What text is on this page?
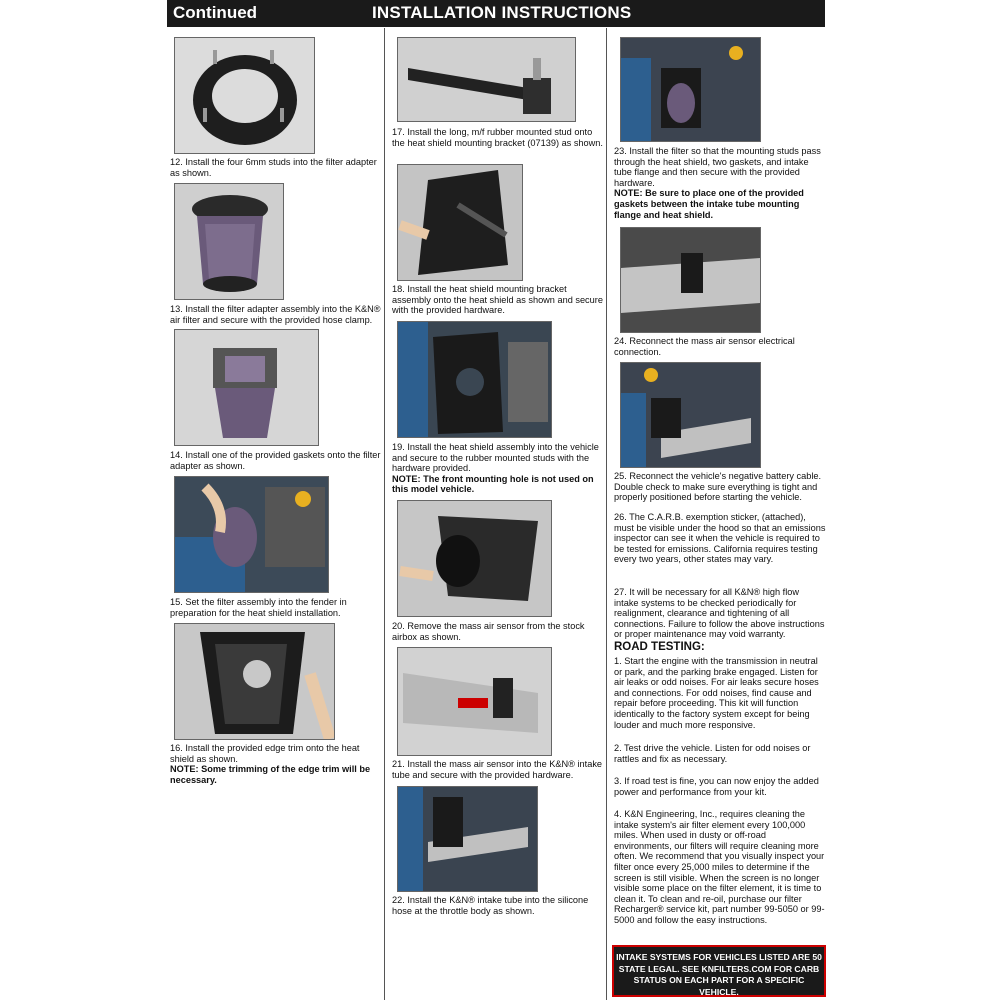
Continued	INSTALLATION INSTRUCTIONS
12. Install the four 6mm studs into the filter adapter as shown.
13. Install the filter adapter assembly into the K&N® air filter and secure with the provided hose clamp.
14. Install one of the provided gaskets onto the filter adapter as shown.
15. Set the filter assembly into the fender in preparation for the heat shield installation.
16. Install the provided edge trim onto the heat shield as shown.
NOTE: Some trimming of the edge trim will be necessary.
17. Install the long, m/f rubber mounted stud onto the heat shield mounting bracket (07139) as shown.
18. Install the heat shield mounting bracket assembly onto the heat shield as shown and secure with the provided hardware.
19. Install the heat shield assembly into the vehicle and secure to the rubber mounted studs with the hardware provided.
NOTE: The front mounting hole is not used on this model vehicle.
20. Remove the mass air sensor from the stock airbox as shown.
21. Install the mass air sensor into the K&N® intake tube and secure with the provided hardware.
22. Install the K&N® intake tube into the silicone hose at the throttle body as shown.
23. Install the filter so that the mounting studs pass through the heat shield, two gaskets, and intake tube flange and then secure with the provided hardware.
NOTE: Be sure to place one of the provided gaskets between the intake tube mounting flange and heat shield.
24. Reconnect the mass air sensor electrical connection.
25. Reconnect the vehicle's negative battery cable. Double check to make sure everything is tight and properly positioned before starting the vehicle.
26. The C.A.R.B. exemption sticker, (attached), must be visible under the hood so that an emissions inspector can see it when the vehicle is required to be tested for emissions. California requires testing every two years, other states may vary.
27. It will be necessary for all K&N® high flow intake systems to be checked periodically for realignment, clearance and tightening of all connections. Failure to follow the above instructions or proper maintenance may void warranty.
ROAD TESTING:
1. Start the engine with the transmission in neutral or park, and the parking brake engaged. Listen for air leaks or odd noises. For air leaks secure hoses and connections. For odd noises, find cause and repair before proceeding. This kit will function identically to the factory system except for being louder and much more responsive.
2. Test drive the vehicle. Listen for odd noises or rattles and fix as necessary.
3. If road test is fine, you can now enjoy the added power and performance from your kit.
4. K&N Engineering, Inc., requires cleaning the intake system's air filter element every 100,000 miles. When used in dusty or off-road environments, our filters will require cleaning more often. We recommend that you visually inspect your filter once every 25,000 miles to determine if the screen is still visible. When the screen is no longer visible some place on the filter element, it is time to clean it. To clean and re-oil, purchase our filter Recharger® service kit, part number 99-5050 or 99-5000 and follow the easy instructions.
INTAKE SYSTEMS FOR VEHICLES LISTED ARE 50 STATE LEGAL. SEE KNFILTERS.COM FOR CARB STATUS ON EACH PART FOR A SPECIFIC VEHICLE.
